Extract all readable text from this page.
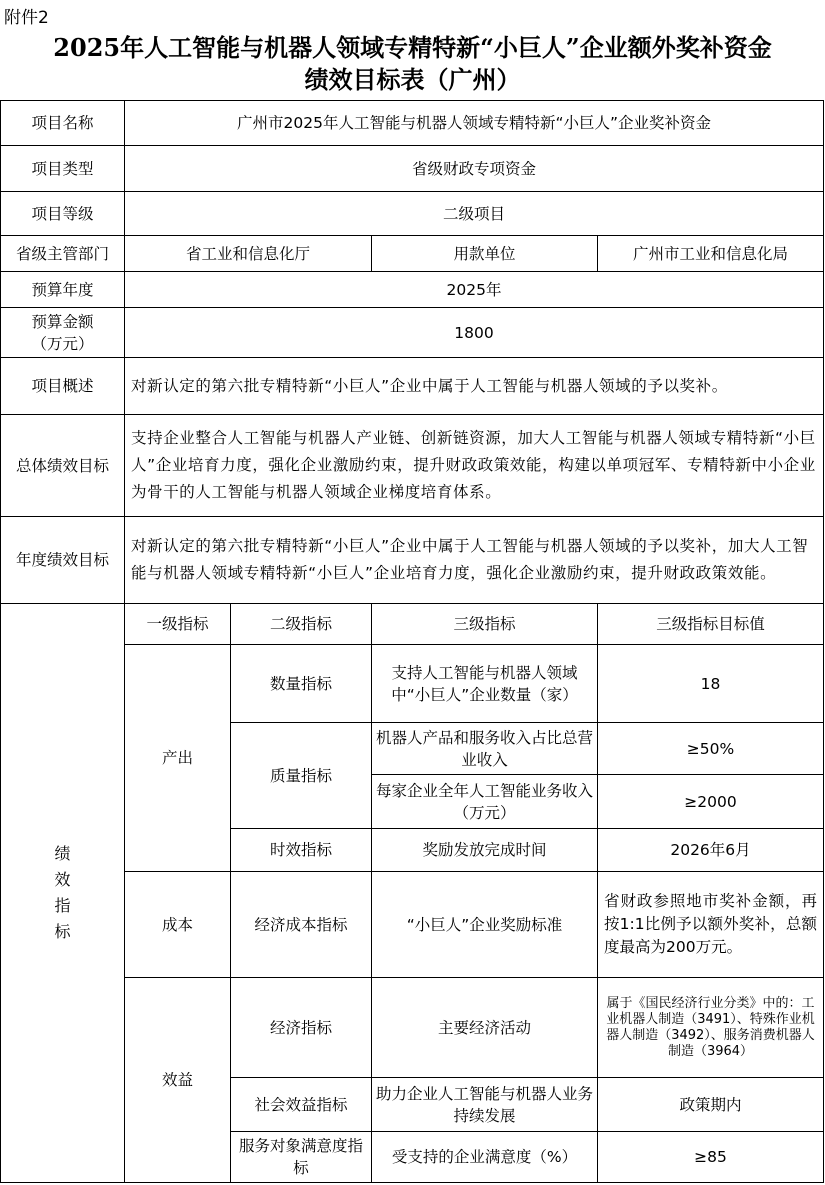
附件2
2025年人工智能与机器人领域专精特新“小巨人”企业额外奖补资金
绩效目标表（广州）
项目名称	广州市2025年人工智能与机器人领域专精特新“小巨人”企业奖补资金			
项目类型	省级财政专项资金			
项目等级	二级项目			
省级主管部门	省工业和信息化厅		用款单位	广州市工业和信息化局
预算年度	2025年			

预算金额
（万元）	1800			
项目概述	对新认定的第六批专精特新“小巨人”企业中属于人工智能与机器人领域的予以奖补。			
总体绩效目标	支持企业整合人工智能与机器人产业链、创新链资源，加大人工智能与机器人领域专精特新“小巨人”企业培育力度，强化企业激励约束，提升财政政策效能，构建以单项冠军、专精特新中小企业为骨干的人工智能与机器人领域企业梯度培育体系。			
年度绩效目标	对新认定的第六批专精特新“小巨人”企业中属于人工智能与机器人领域的予以奖补，加大人工智能与机器人领域专精特新“小巨人”企业培育力度，强化企业激励约束，提升财政政策效能。			

绩
效
指
标	一级指标	二级指标	三级指标	三级指标目标值
	产出	数量指标	支持人工智能与机器人领域中“小巨人”企业数量（家）	18
		质量指标	机器人产品和服务收入占比总营业收入	≥50%
			每家企业全年人工智能业务收入（万元）	≥2000
		时效指标	奖励发放完成时间	2026年6月
	成本	经济成本指标	“小巨人”企业奖励标准	省财政参照地市奖补金额，再按1:1比例予以额外奖补，总额度最高为200万元。
	效益	经济指标	主要经济活动	属于《国民经济行业分类》中的：工业机器人制造（3491）、特殊作业机器人制造（3492）、服务消费机器人制造（3964）
		社会效益指标	助力企业人工智能与机器人业务持续发展	政策期内
		服务对象满意度指标	受支持的企业满意度（%）	≥85
